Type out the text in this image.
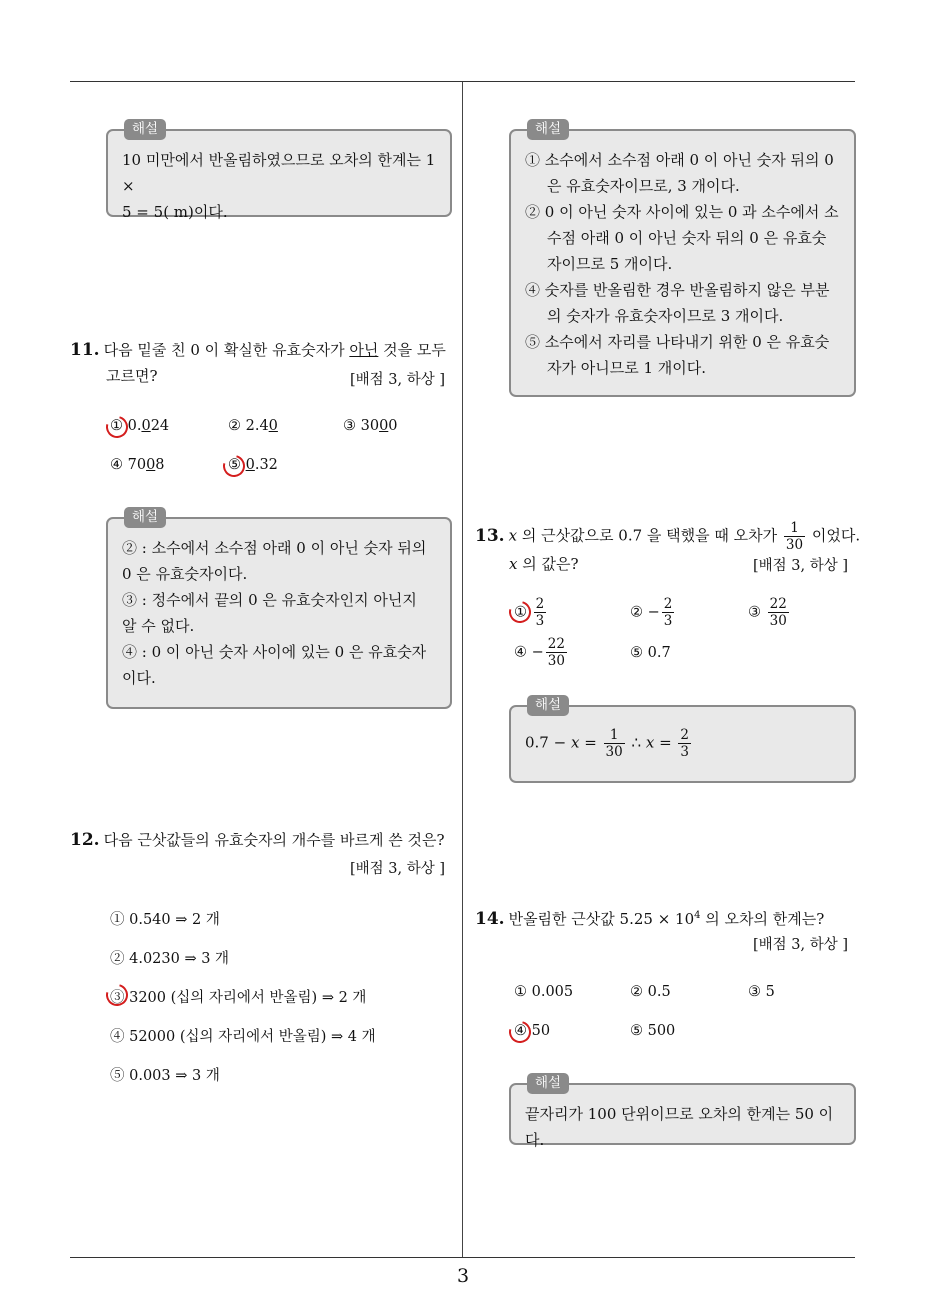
3
해설
10 미만에서 반올림하였으므로 오차의 한계는 1 ×
5 = 5( m)이다.
11. 다음 밑줄 친 0 이 확실한 유효숫자가 아닌 것을 모두
고르면?	[배점 3, 하상 ]
① 0.024	② 2.40	③ 3000
④ 7008	⑤ 0.32
해설
② : 소수에서 소수점 아래 0 이 아닌 숫자 뒤의 0 은 유효숫자이다.
③ : 정수에서 끝의 0 은 유효숫자인지 아닌지 알 수 없다.
④ : 0 이 아닌 숫자 사이에 있는 0 은 유효숫자이다.
12. 다음 근삿값들의 유효숫자의 개수를 바르게 쓴 것은?
[배점 3, 하상 ]
① 0.540 ⇒ 2 개
② 4.0230 ⇒ 3 개
③ 3200 (십의 자리에서 반올림) ⇒ 2 개
④ 52000 (십의 자리에서 반올림) ⇒ 4 개
⑤ 0.003 ⇒ 3 개
해설
① 소수에서 소수점 아래 0 이 아닌 숫자 뒤의 0 은 유효숫자이므로, 3 개이다.
② 0 이 아닌 숫자 사이에 있는 0 과 소수에서 소수점 아래 0 이 아닌 숫자 뒤의 0 은 유효숫자이므로 5 개이다.
④ 숫자를 반올림한 경우 반올림하지 않은 부분의 숫자가 유효숫자이므로 3 개이다.
⑤ 소수에서 자리를 나타내기 위한 0 은 유효숫자가 아니므로 1 개이다.
13. x 의 근삿값으로 0.7 을 택했을 때 오차가 $\frac{1}{30}$ 이었다.
x 의 값은?	[배점 3, 하상 ]
① $\frac{2}{3}$	② − $\frac{2}{3}$	③ $\frac{22}{30}$
④ − $\frac{22}{30}$	⑤ 0.7
해설
$0.7 - x = \frac{1}{30}$ ∴ $x = \frac{2}{3}$
14. 반올림한 근삿값 $5.25 \times 10^4$ 의 오차의 한계는?
[배점 3, 하상 ]
① 0.005	② 0.5	③ 5
④ 50	⑤ 500
해설
끝자리가 100 단위이므로 오차의 한계는 50 이다.
